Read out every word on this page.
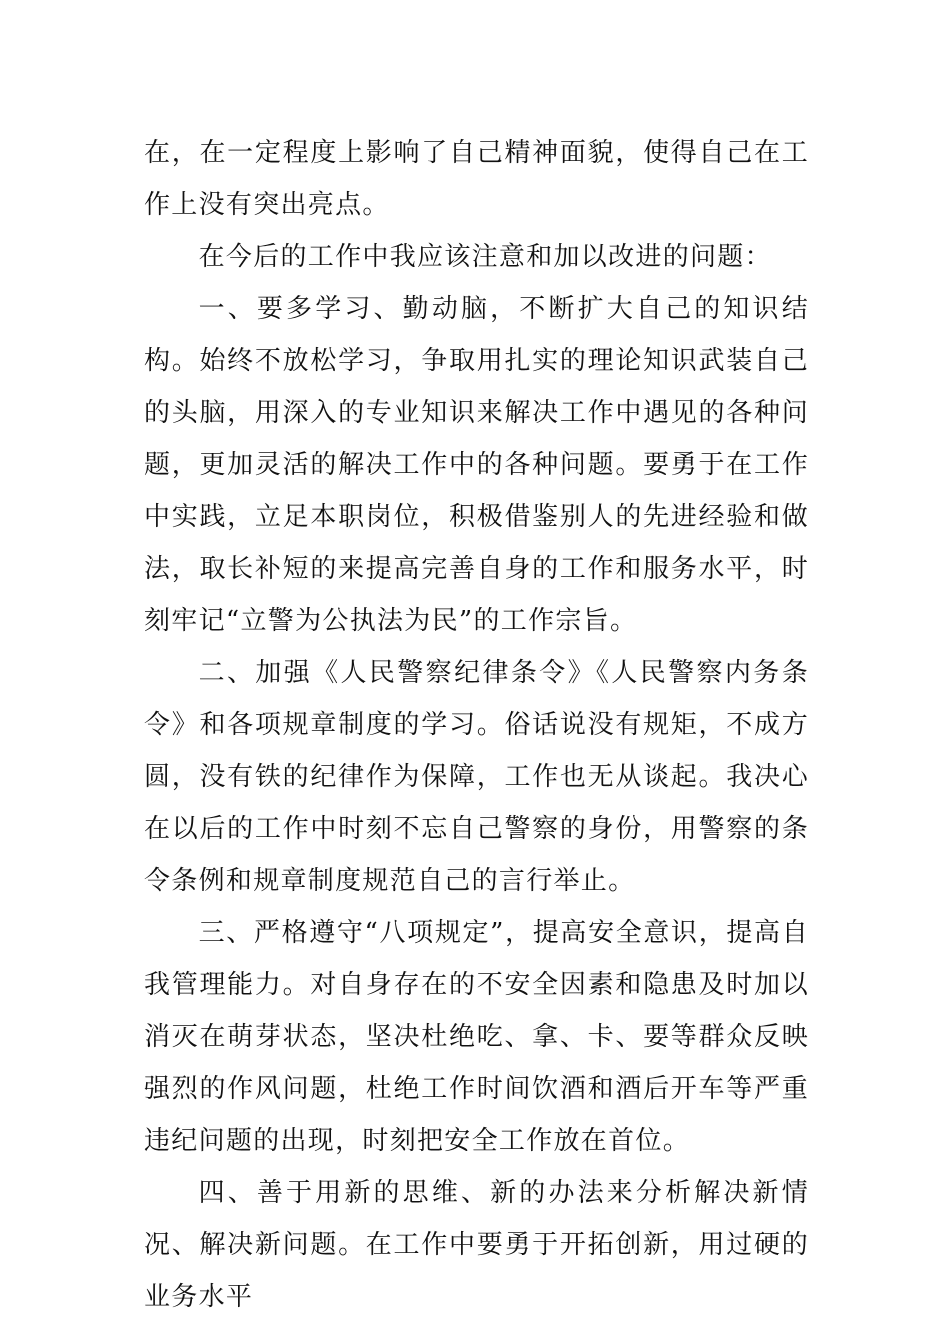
在，在一定程度上影响了自己精神面貌，使得自己在工作上没有突出亮点。

在今后的工作中我应该注意和加以改进的问题：

一、要多学习、勤动脑，不断扩大自己的知识结构。始终不放松学习，争取用扎实的理论知识武装自己的头脑，用深入的专业知识来解决工作中遇见的各种问题，更加灵活的解决工作中的各种问题。要勇于在工作中实践，立足本职岗位，积极借鉴别人的先进经验和做法，取长补短的来提高完善自身的工作和服务水平，时刻牢记“立警为公执法为民”的工作宗旨。

二、加强《人民警察纪律条令》《人民警察内务条令》和各项规章制度的学习。俗话说没有规矩，不成方圆，没有铁的纪律作为保障，工作也无从谈起。我决心在以后的工作中时刻不忘自己警察的身份，用警察的条令条例和规章制度规范自己的言行举止。

三、严格遵守“八项规定”，提高安全意识，提高自我管理能力。对自身存在的不安全因素和隐患及时加以消灭在萌芽状态，坚决杜绝吃、拿、卡、要等群众反映强烈的作风问题，杜绝工作时间饮酒和酒后开车等严重违纪问题的出现，时刻把安全工作放在首位。

四、善于用新的思维、新的办法来分析解决新情况、解决新问题。在工作中要勇于开拓创新，用过硬的业务水平
